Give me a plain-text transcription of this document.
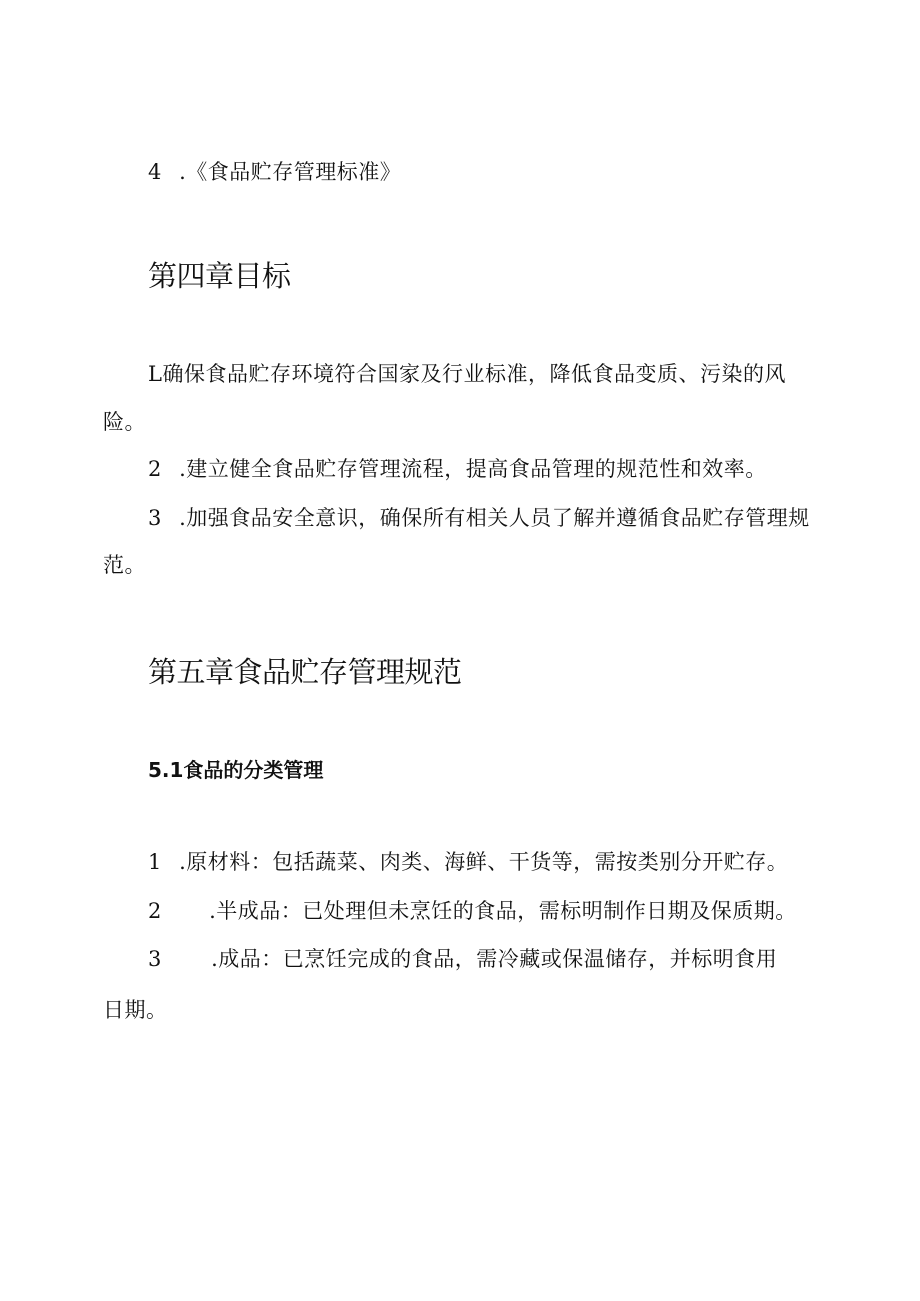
4 .《食品贮存管理标准》
第四章目标
L确保食品贮存环境符合国家及行业标准，降低食品变质、污染的风
险。
2 .建立健全食品贮存管理流程，提高食品管理的规范性和效率。
3 .加强食品安全意识，确保所有相关人员了解并遵循食品贮存管理规
范。
第五章食品贮存管理规范
5.1食品的分类管理
1 .原材料：包括蔬菜、肉类、海鲜、干货等，需按类别分开贮存。
2 .半成品：已处理但未烹饪的食品，需标明制作日期及保质期。
3 .成品：已烹饪完成的食品，需冷藏或保温储存，并标明食用
日期。
